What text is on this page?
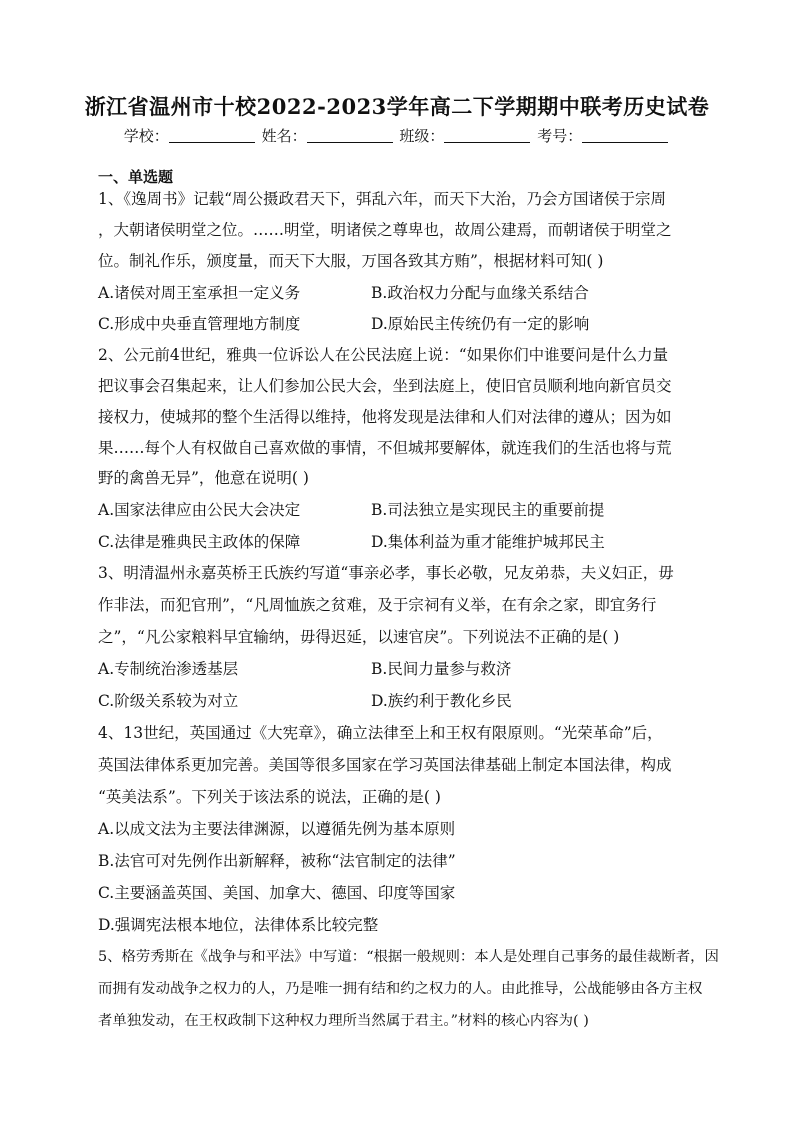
浙江省温州市十校2022-2023学年高二下学期期中联考历史试卷
学校：	姓名：	班级：	考号：
一、单选题
1、《逸周书》记载“周公摄政君天下，弭乱六年，而天下大治，乃会方国诸侯于宗周
，大朝诸侯明堂之位。……明堂，明诸侯之尊卑也，故周公建焉，而朝诸侯于明堂之
位。制礼作乐，颁度量，而天下大服，万国各致其方贿”，根据材料可知( )
A.诸侯对周王室承担一定义务	B.政治权力分配与血缘关系结合
C.形成中央垂直管理地方制度	D.原始民主传统仍有一定的影响
2、公元前4世纪，雅典一位诉讼人在公民法庭上说：“如果你们中谁要问是什么力量
把议事会召集起来，让人们参加公民大会，坐到法庭上，使旧官员顺利地向新官员交
接权力，使城邦的整个生活得以维持，他将发现是法律和人们对法律的遵从；因为如
果……每个人有权做自己喜欢做的事情，不但城邦要解体，就连我们的生活也将与荒
野的禽兽无异”，他意在说明( )
A.国家法律应由公民大会决定	B.司法独立是实现民主的重要前提
C.法律是雅典民主政体的保障	D.集体利益为重才能维护城邦民主
3、明清温州永嘉英桥王氏族约写道“事亲必孝，事长必敬，兄友弟恭，夫义妇正，毋
作非法，而犯官刑”，“凡周恤族之贫难，及于宗祠有义举，在有余之家，即宜务行
之”，“凡公家粮料早宜输纳，毋得迟延，以速官戾”。下列说法不正确的是( )
A.专制统治渗透基层	B.民间力量参与救济
C.阶级关系较为对立	D.族约利于教化乡民
4、13世纪，英国通过《大宪章》，确立法律至上和王权有限原则。“光荣革命”后，
英国法律体系更加完善。美国等很多国家在学习英国法律基础上制定本国法律，构成
“英美法系”。下列关于该法系的说法，正确的是( )
A.以成文法为主要法律渊源，以遵循先例为基本原则
B.法官可对先例作出新解释，被称“法官制定的法律”
C.主要涵盖英国、美国、加拿大、德国、印度等国家
D.强调宪法根本地位，法律体系比较完整
5、格劳秀斯在《战争与和平法》中写道：“根据一般规则：本人是处理自己事务的最佳裁断者，因
而拥有发动战争之权力的人，乃是唯一拥有结和约之权力的人。由此推导，公战能够由各方主权
者单独发动，在王权政制下这种权力理所当然属于君主。”材料的核心内容为( )
